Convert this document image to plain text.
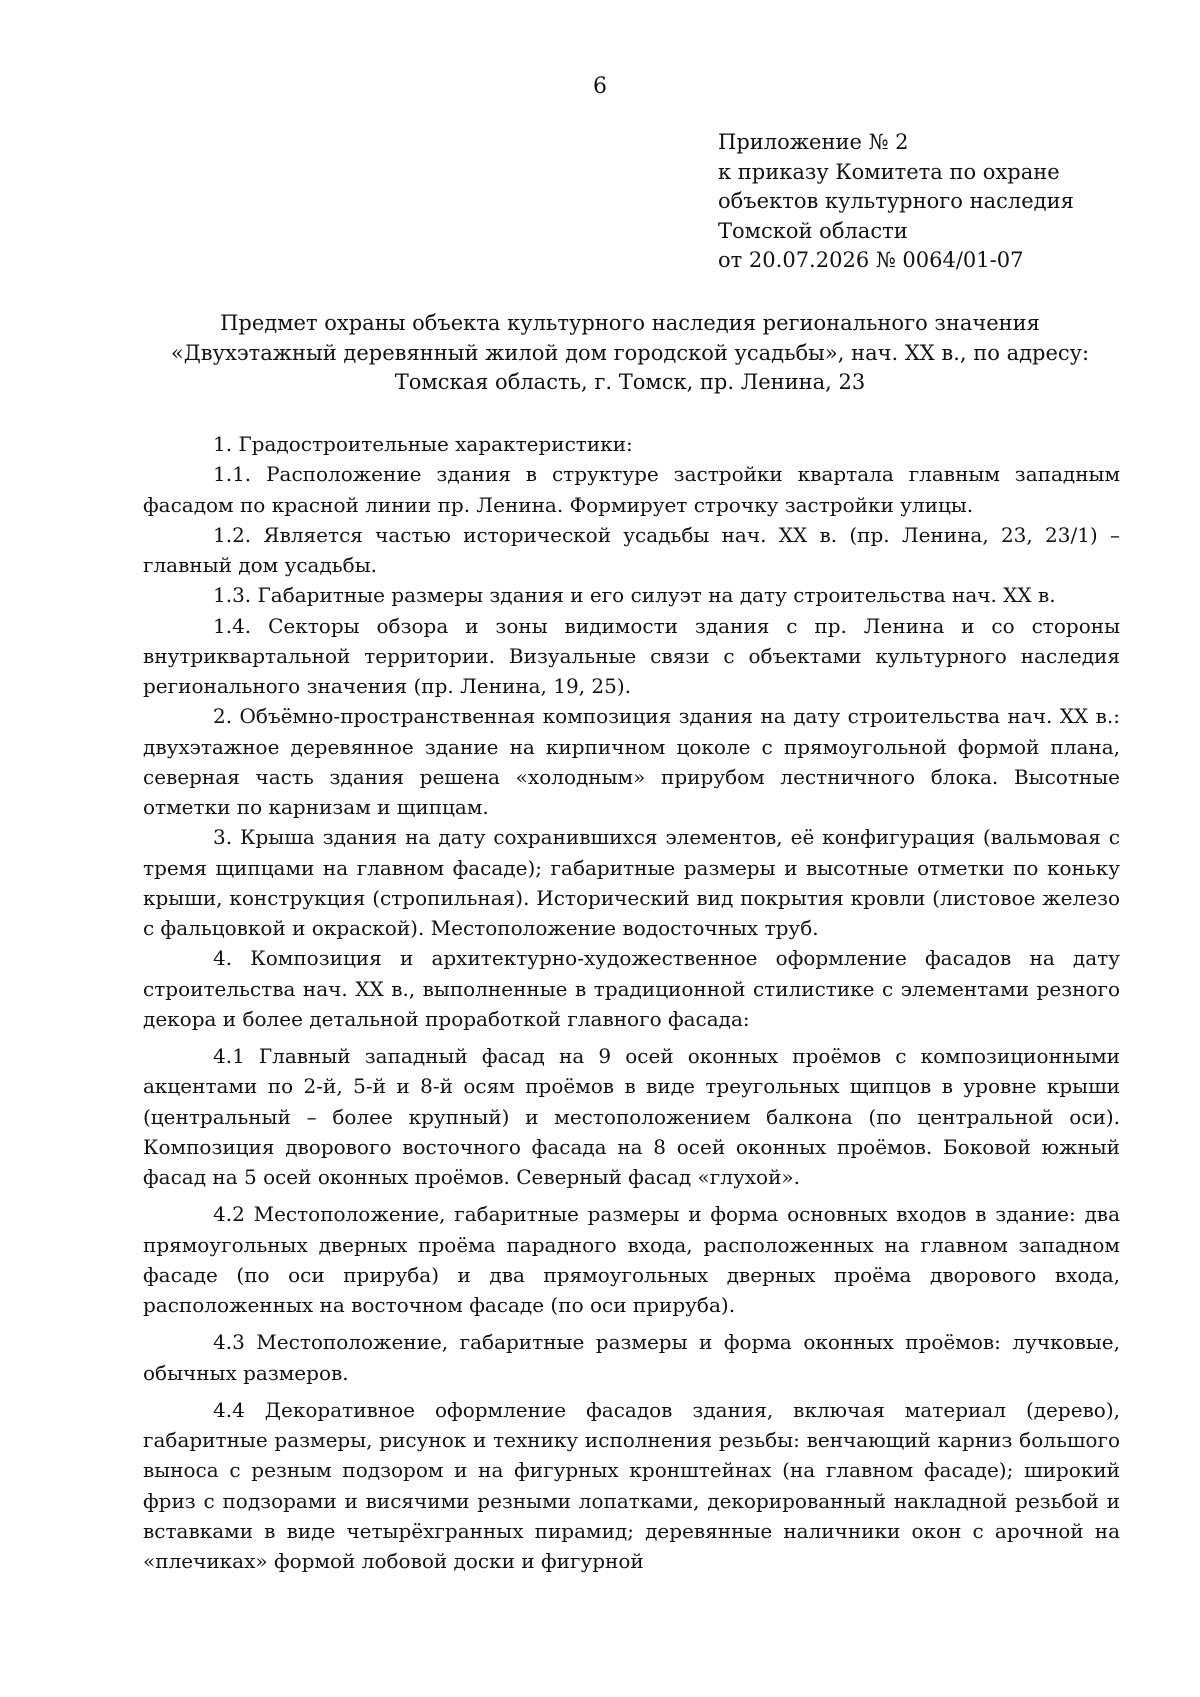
6
Приложение № 2
к приказу Комитета по охране
объектов культурного наследия
Томской области
от 20.07.2026 № 0064/01-07
Предмет охраны объекта культурного наследия регионального значения
«Двухэтажный деревянный жилой дом городской усадьбы», нач. XX в., по адресу:
Томская область, г. Томск, пр. Ленина, 23

1. Градостроительные характеристики:

1.1. Расположение здания в структуре застройки квартала главным западным фасадом по красной линии пр. Ленина. Формирует строчку застройки улицы.

1.2. Является частью исторической усадьбы нач. XX в. (пр. Ленина, 23, 23/1) – главный дом усадьбы.

1.3. Габаритные размеры здания и его силуэт на дату строительства нач. XX в.

1.4. Секторы обзора и зоны видимости здания с пр. Ленина и со стороны внутриквартальной территории. Визуальные связи с объектами культурного наследия регионального значения (пр. Ленина, 19, 25).

2. Объёмно-пространственная композиция здания на дату строительства нач. XX в.: двухэтажное деревянное здание на кирпичном цоколе с прямоугольной формой плана, северная часть здания решена «холодным» прирубом лестничного блока. Высотные отметки по карнизам и щипцам.

3. Крыша здания на дату сохранившихся элементов, её конфигурация (вальмовая с тремя щипцами на главном фасаде); габаритные размеры и высотные отметки по коньку крыши, конструкция (стропильная). Исторический вид покрытия кровли (листовое железо с фальцовкой и окраской). Местоположение водосточных труб.

4. Композиция и архитектурно-художественное оформление фасадов на дату строительства нач. XX в., выполненные в традиционной стилистике с элементами резного декора и более детальной проработкой главного фасада:

4.1 Главный западный фасад на 9 осей оконных проёмов с композиционными акцентами по 2-й, 5-й и 8-й осям проёмов в виде треугольных щипцов в уровне крыши (центральный – более крупный) и местоположением балкона (по центральной оси). Композиция дворового восточного фасада на 8 осей оконных проёмов. Боковой южный фасад на 5 осей оконных проёмов. Северный фасад «глухой».

4.2 Местоположение, габаритные размеры и форма основных входов в здание: два прямоугольных дверных проёма парадного входа, расположенных на главном западном фасаде (по оси прируба) и два прямоугольных дверных проёма дворового входа, расположенных на восточном фасаде (по оси прируба).

4.3 Местоположение, габаритные размеры и форма оконных проёмов: лучковые, обычных размеров.

4.4 Декоративное оформление фасадов здания, включая материал (дерево), габаритные размеры, рисунок и технику исполнения резьбы: венчающий карниз большого выноса с резным подзором и на фигурных кронштейнах (на главном фасаде); широкий фриз с подзорами и висячими резными лопатками, декорированный накладной резьбой и вставками в виде четырёхгранных пирамид; деревянные наличники окон с арочной на «плечиках» формой лобовой доски и фигурной
